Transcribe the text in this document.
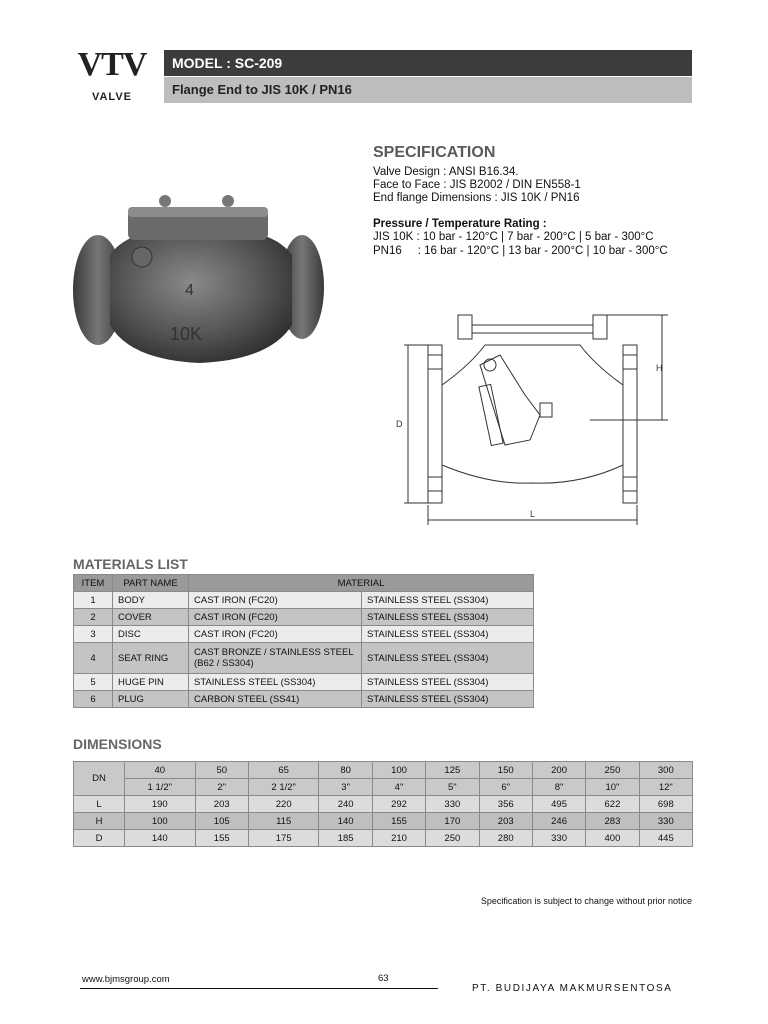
VTV
VALVE
MODEL : SC-209
Flange End to JIS 10K / PN16
SPECIFICATION
Valve Design : ANSI B16.34.
Face to Face : JIS B2002 / DIN EN558-1
End flange Dimensions : JIS 10K / PN16
Pressure / Temperature Rating :
JIS 10K : 10 bar - 120°C | 7 bar - 200°C | 5 bar - 300°C
PN16     : 16 bar - 120°C | 13 bar - 200°C | 10 bar - 300°C
4
10K
H
D
L
MATERIALS LIST
ITEM	PART NAME	MATERIAL	
1	BODY	CAST IRON (FC20)	STAINLESS STEEL (SS304)
2	COVER	CAST IRON (FC20)	STAINLESS STEEL (SS304)
3	DISC	CAST IRON (FC20)	STAINLESS STEEL (SS304)
4	SEAT RING	CAST BRONZE / STAINLESS STEEL (B62 / SS304)	STAINLESS STEEL (SS304)
5	HUGE PIN	STAINLESS STEEL (SS304)	STAINLESS STEEL (SS304)
6	PLUG	CARBON STEEL (SS41)	STAINLESS STEEL (SS304)
DIMENSIONS
DN	40	50	65	80	100	125	150	200	250	300
	1 1/2"	2"	2 1/2"	3"	4"	5"	6"	8"	10"	12"
L	190	203	220	240	292	330	356	495	622	698
H	100	105	115	140	155	170	203	246	283	330
D	140	155	175	185	210	250	280	330	400	445
Specification is subject to change without prior notice
www.bjmsgroup.com	63
PT. BUDIJAYA MAKMURSENTOSA
